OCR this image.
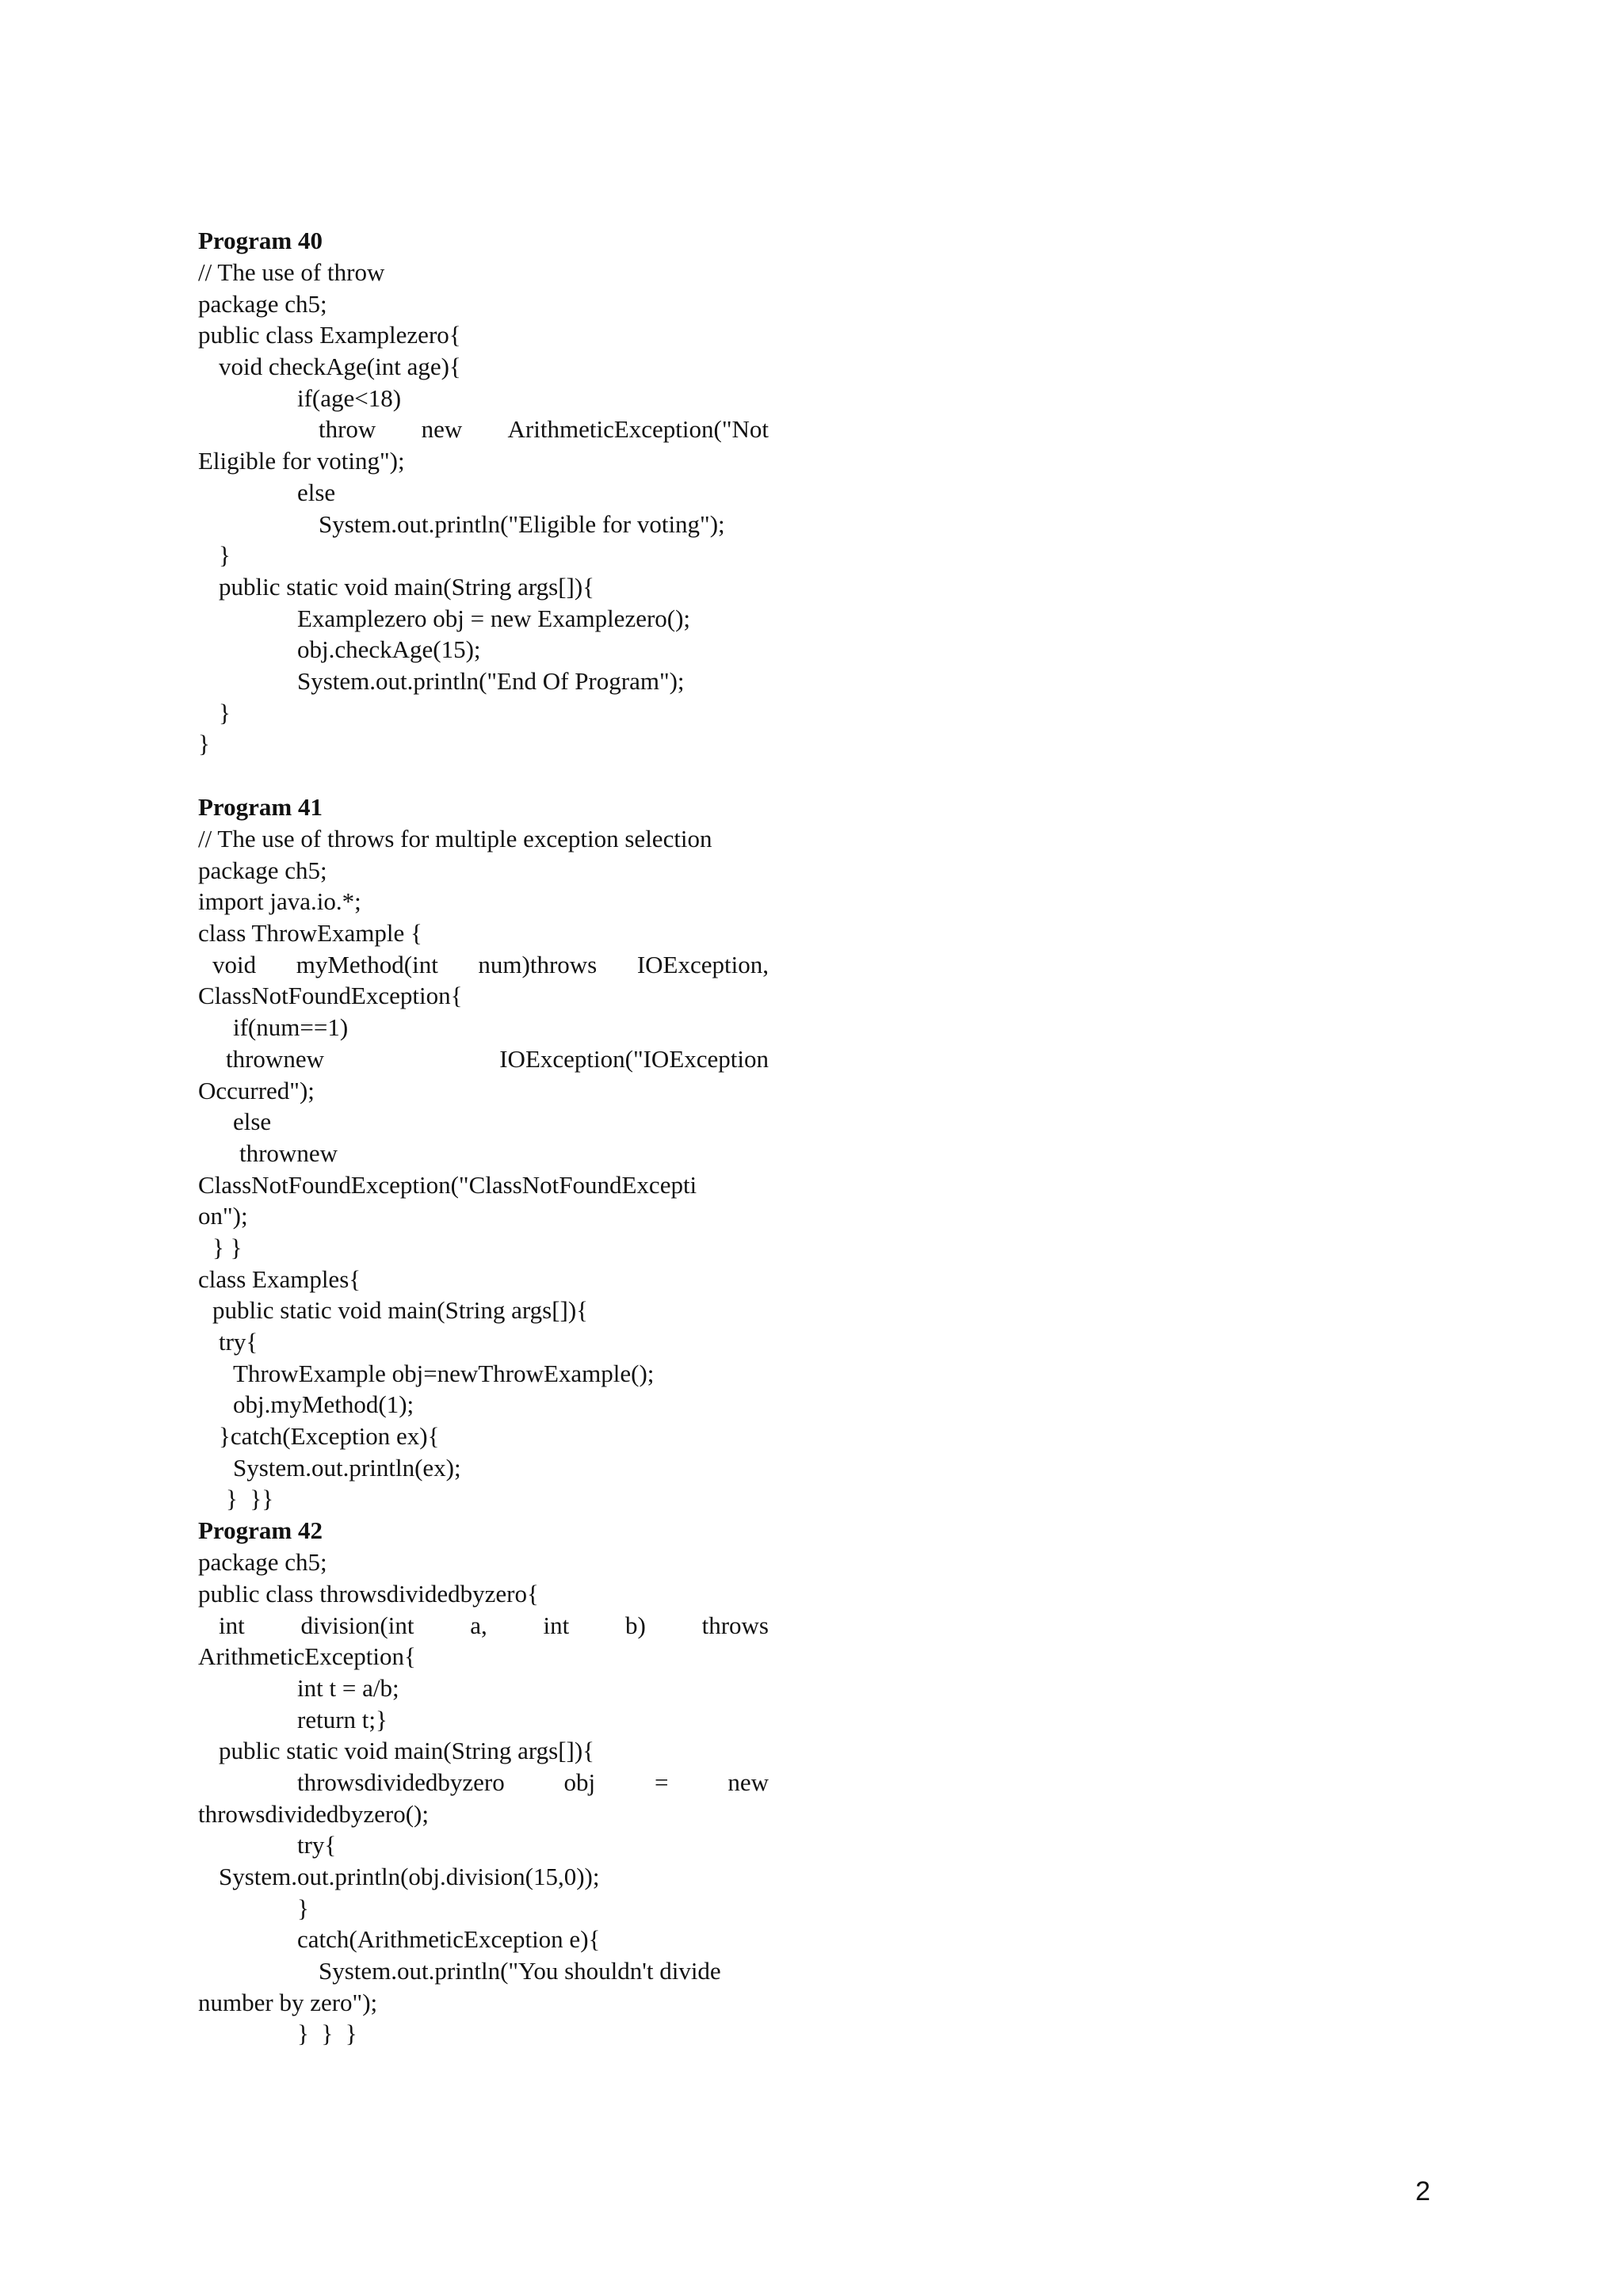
Program 40
// The use of throw
package ch5;
public class Examplezero{
void checkAge(int age){
if(age<18)
throw new ArithmeticException("Not
Eligible for voting");
else
System.out.println("Eligible for voting");
}
public static void main(String args[]){
Examplezero obj = new Examplezero();
obj.checkAge(15);
System.out.println("End Of Program");
}
}
Program 41
// The use of throws for multiple exception selection
package ch5;
import java.io.*;
class ThrowExample {
void myMethod(int num)throws IOException,
ClassNotFoundException{
if(num==1)
thrownew	IOException("IOException
Occurred");
else
thrownew
ClassNotFoundException("ClassNotFoundExcepti
on");
} }
class Examples{
public static void main(String args[]){
try{
ThrowExample obj=newThrowExample();
obj.myMethod(1);
}catch(Exception ex){
System.out.println(ex);
}  }}
Program 42
package ch5;
public class throwsdividedbyzero{
int division(int a, int b) throws
ArithmeticException{
int t = a/b;
return t;}
public static void main(String args[]){
throwsdividedbyzero obj = new
throwsdividedbyzero();
try{
System.out.println(obj.division(15,0));
}
catch(ArithmeticException e){
System.out.println("You shouldn't divide
number by zero");
}  }  }
2
